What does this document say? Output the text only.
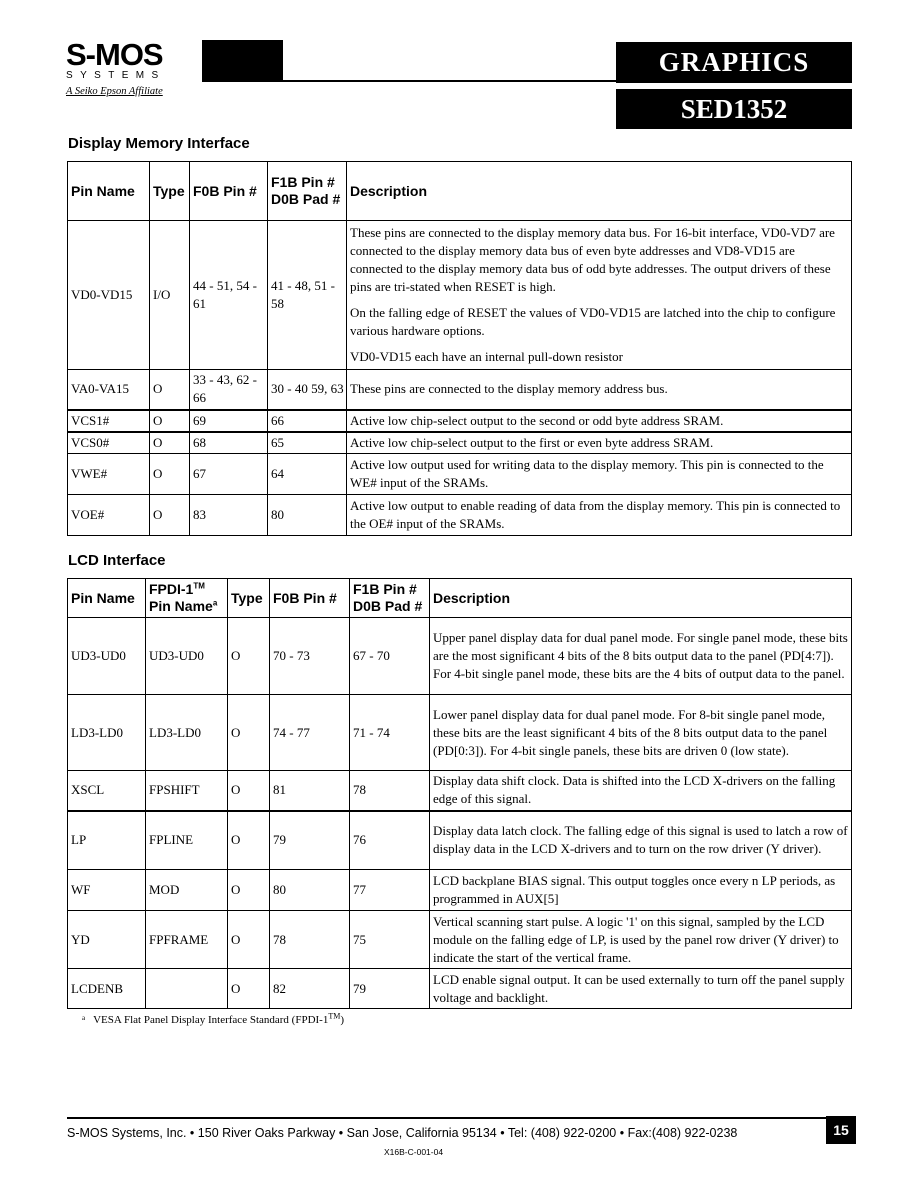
S-MOS
SYSTEMS
A Seiko Epson Affiliate
GRAPHICS
SED1352
Display Memory Interface
Pin Name	Type	F0B Pin #	F1B Pin # D0B Pad #	Description
VD0-VD15	I/O	44 - 51, 54 - 61	41 - 48, 51 - 58	These pins are connected to the display memory data bus. For 16-bit interface, VD0-VD7 are connected to the display memory data bus of even byte addresses and VD8-VD15 are connected to the display memory data bus of odd byte addresses. The output drivers of these pins are tri-stated when RESET is high.

On the falling edge of RESET the values of VD0-VD15 are latched into the chip to configure various hardware options.

VD0-VD15 each have an internal pull-down resistor

VA0-VA15	O	33 - 43, 62 - 66	30 - 40 59, 63	These pins are connected to the display memory address bus.
VCS1#	O	69	66	Active low chip-select output to the second or odd byte address SRAM.
VCS0#	O	68	65	Active low chip-select output to the first or even byte address SRAM.
VWE#	O	67	64	Active low output used for writing data to the display memory. This pin is connected to the WE# input of the SRAMs.
VOE#	O	83	80	Active low output to enable reading of data from the display memory. This pin is connected to the OE# input of the SRAMs.
LCD Interface
Pin Name	FPDI-1™
Pin Name$^a$	Type	F0B Pin #	F1B Pin # D0B Pad #	Description
UD3-UD0	UD3-UD0	O	70 - 73	67 - 70	Upper panel display data for dual panel mode. For single panel mode, these bits are the most significant 4 bits of the 8 bits output data to the panel (PD[4:7]). For 4-bit single panel mode, these bits are the 4 bits of output data to the panel.
LD3-LD0	LD3-LD0	O	74 - 77	71 - 74	Lower panel display data for dual panel mode. For 8-bit single panel mode, these bits are the least significant 4 bits of the 8 bits output data to the panel (PD[0:3]). For 4-bit single panels, these bits are driven 0 (low state).
XSCL	FPSHIFT	O	81	78	Display data shift clock. Data is shifted into the LCD X-drivers on the falling edge of this signal.
LP	FPLINE	O	79	76	Display data latch clock. The falling edge of this signal is used to latch a row of display data in the LCD X-drivers and to turn on the row driver (Y driver).
WF	MOD	O	80	77	LCD backplane BIAS signal. This output toggles once every n LP periods, as programmed in AUX[5]
YD	FPFRAME	O	78	75	Vertical scanning start pulse. A logic '1' on this signal, sampled by the LCD module on the falling edge of LP, is used by the panel row driver (Y driver) to indicate the start of the vertical frame.
LCDENB		O	82	79	LCD enable signal output. It can be used externally to turn off the panel supply voltage and backlight.
$^a$ VESA Flat Panel Display Interface Standard (FPDI-1™)
S-MOS Systems, Inc. • 150 River Oaks Parkway • San Jose, California 95134 • Tel: (408) 922-0200 • Fax:(408) 922-0238	15
X16B-C-001-04
